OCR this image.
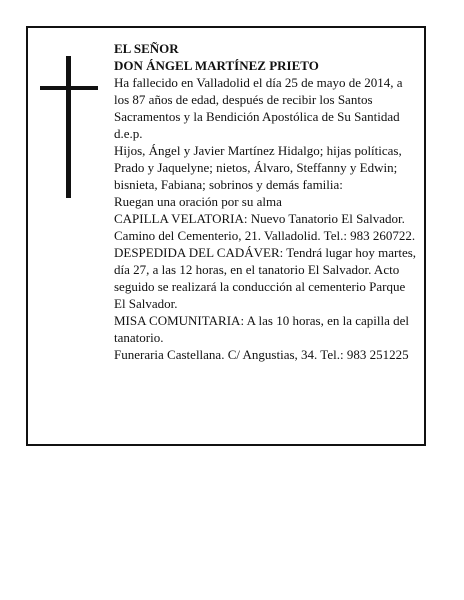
EL SEÑOR

DON ÁNGEL MARTÍNEZ PRIETO

Ha fallecido en Valladolid el día 25 de mayo de 2014, a los 87 años de edad, después de recibir los Santos Sacramentos y la Bendición Apostólica de Su Santidad d.e.p.

Hijos, Ángel y Javier Martínez Hidalgo; hijas políticas, Prado y Jaquelyne; nietos, Álvaro, Steffanny y Edwin; bisnieta, Fabiana; sobrinos y demás familia:

Ruegan una oración por su alma

CAPILLA VELATORIA: Nuevo Tanatorio El Salvador. Camino del Cementerio, 21. Valladolid. Tel.: 983 260722.

DESPEDIDA DEL CADÁVER: Tendrá lugar hoy martes, día 27, a las 12 horas, en el tanatorio El Salvador. Acto seguido se realizará la conducción al cementerio Parque El Salvador.

MISA COMUNITARIA: A las 10 horas, en la capilla del tanatorio.

Funeraria Castellana. C/ Angustias, 34. Tel.: 983 251225
